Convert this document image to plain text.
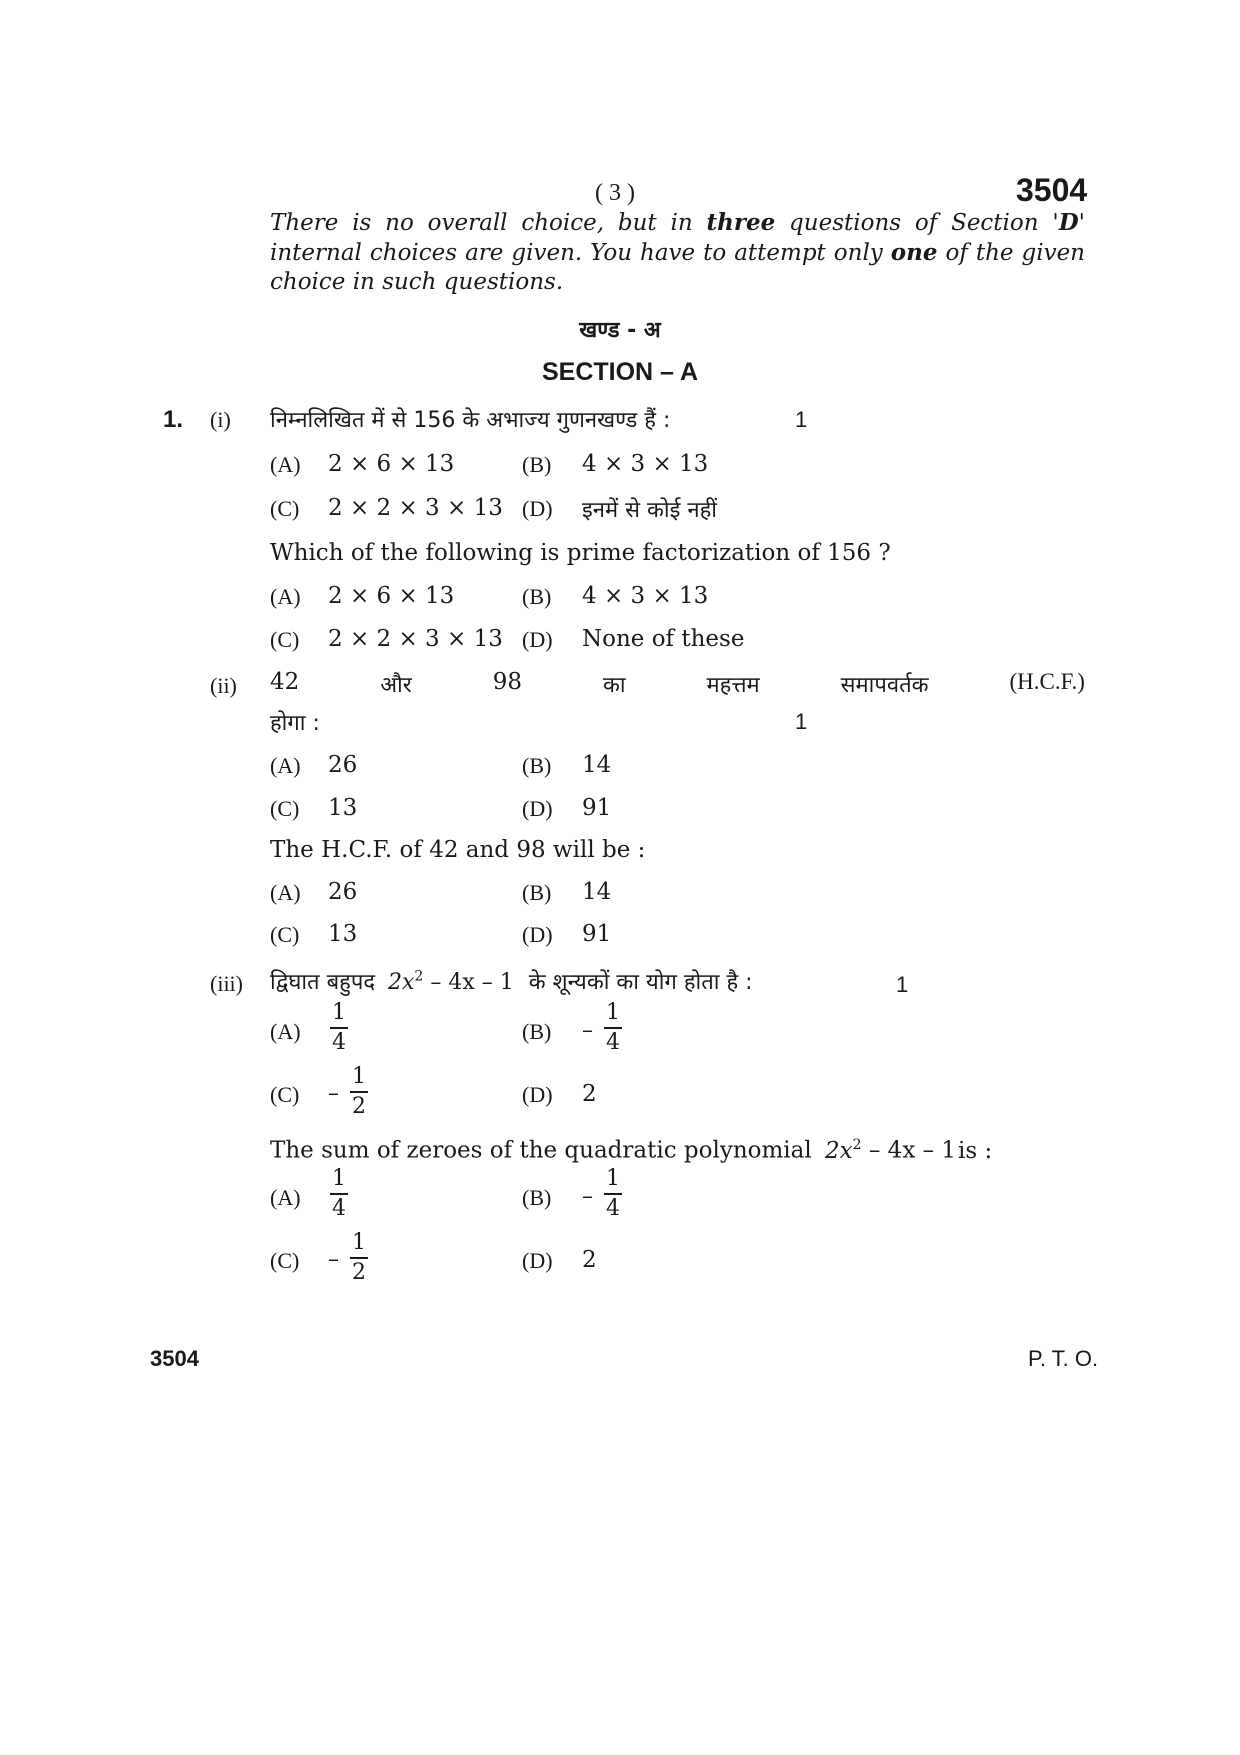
( 3 )	3504
There is no overall choice, but in three questions of Section 'D' internal choices are given. You have to attempt only one of the given choice in such questions.
खण्ड - अ
SECTION – A
1. (i) निम्नलिखित में से 156 के अभाज्य गुणनखण्ड हैं :	1
(A) 2 × 6 × 13	(B) 4 × 3 × 13
(C) 2 × 2 × 3 × 13 (D) इनमें से कोई नहीं
Which of the following is prime factorization of 156 ?
(A) 2 × 6 × 13	(B) 4 × 3 × 13
(C) 2 × 2 × 3 × 13 (D) None of these
(ii) 42	और	98	का	महत्तम	समापवर्तक	(H.C.F.)
होगा :	1
(A) 26	(B) 14
(C) 13	(D) 91
The H.C.F. of 42 and 98 will be :
(A) 26	(B) 14
(C) 13	(D) 91
(iii) द्विघात बहुपद $2x^2 - 4x - 1$ के शून्यकों का योग होता है :	1
(A)
1
4	(B) –
1
4
(C) –
1
2	(D) 2
The sum of zeroes of the quadratic polynomial $2x^2 - 4x - 1is$ :
(A)
1
4	(B) –
1
4
(C) –
1
2	(D) 2
3504	P. T. O.
